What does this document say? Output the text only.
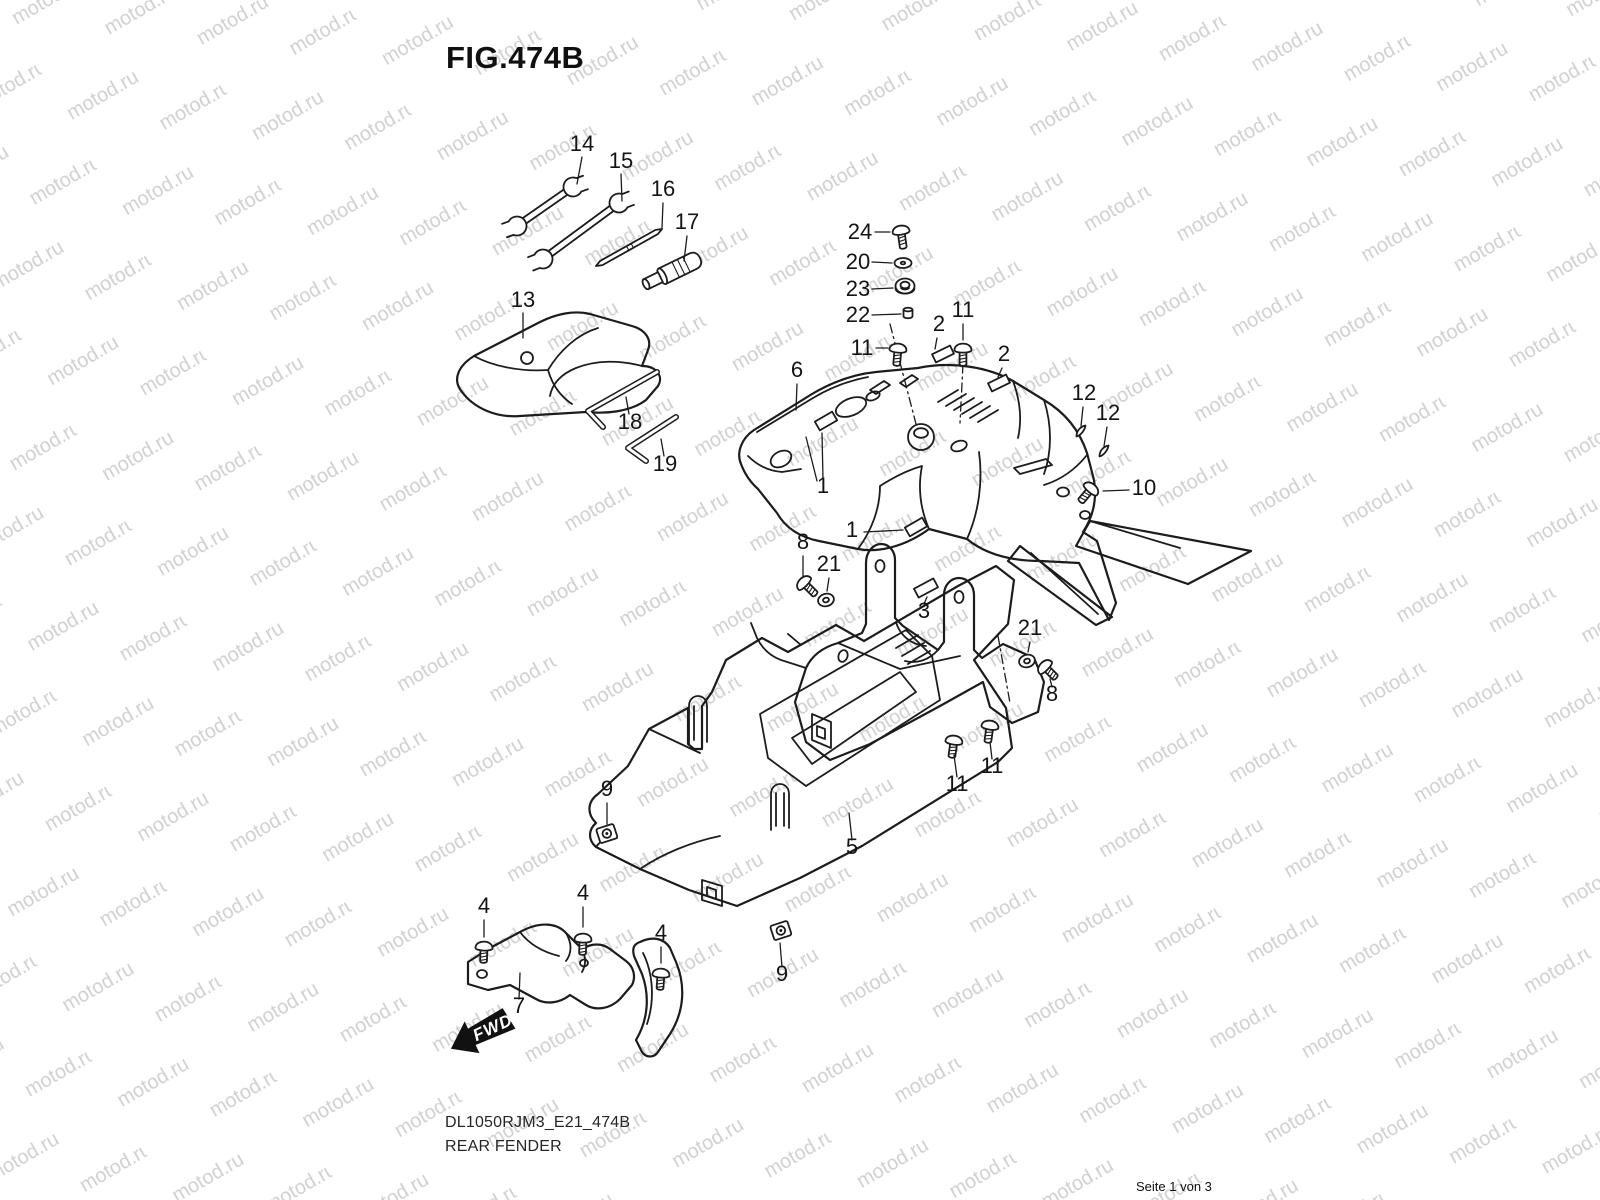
FWD
14
15
16
17
13
18
19
24
20
23
22
11
2
11
2
6
12
12
10
1
1
8
21
3
21
8
11
11
9
5
4
4
4
7
9
FIG.474B
DL1050RJM3_E21_474B
REAR FENDER
Seite 1 von 3
